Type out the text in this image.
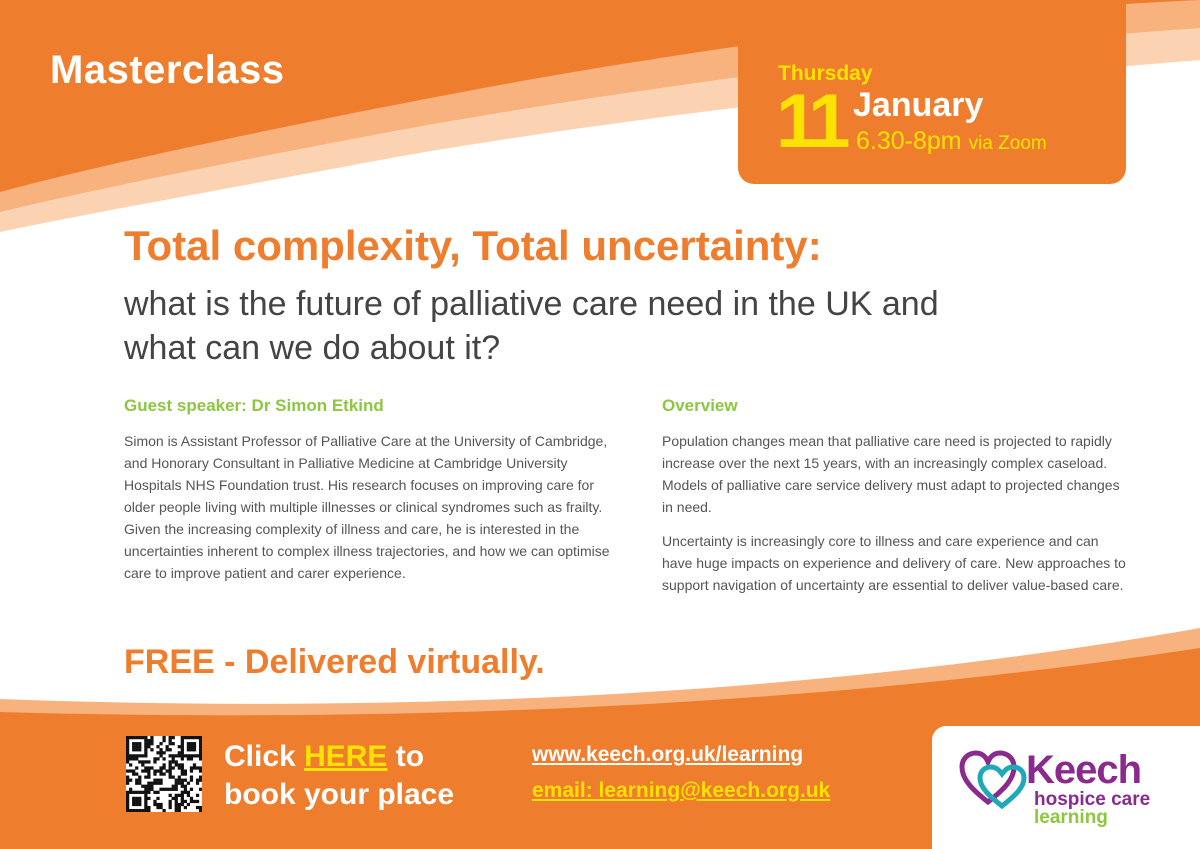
Masterclass	Thursday
11 January
6.30-8pm via Zoom
Total complexity, Total uncertainty:
what is the future of palliative care need in the UK and what can we do about it?
Guest speaker: Dr Simon Etkind
Simon is Assistant Professor of Palliative Care at the University of Cambridge, and Honorary Consultant in Palliative Medicine at Cambridge University Hospitals NHS Foundation trust. His research focuses on improving care for older people living with multiple illnesses or clinical syndromes such as frailty. Given the increasing complexity of illness and care, he is interested in the uncertainties inherent to complex illness trajectories, and how we can optimise care to improve patient and carer experience.
Overview

Population changes mean that palliative care need is projected to rapidly increase over the next 15 years, with an increasingly complex caseload. Models of palliative care service delivery must adapt to projected changes in need.

Uncertainty is increasingly core to illness and care experience and can have huge impacts on experience and delivery of care. New approaches to support navigation of uncertainty are essential to deliver value-based care.

FREE - Delivered virtually.
Click HERE to
book your place
www.keech.org.uk/learning
email: learning@keech.org.uk	Keech
hospice care
learning
